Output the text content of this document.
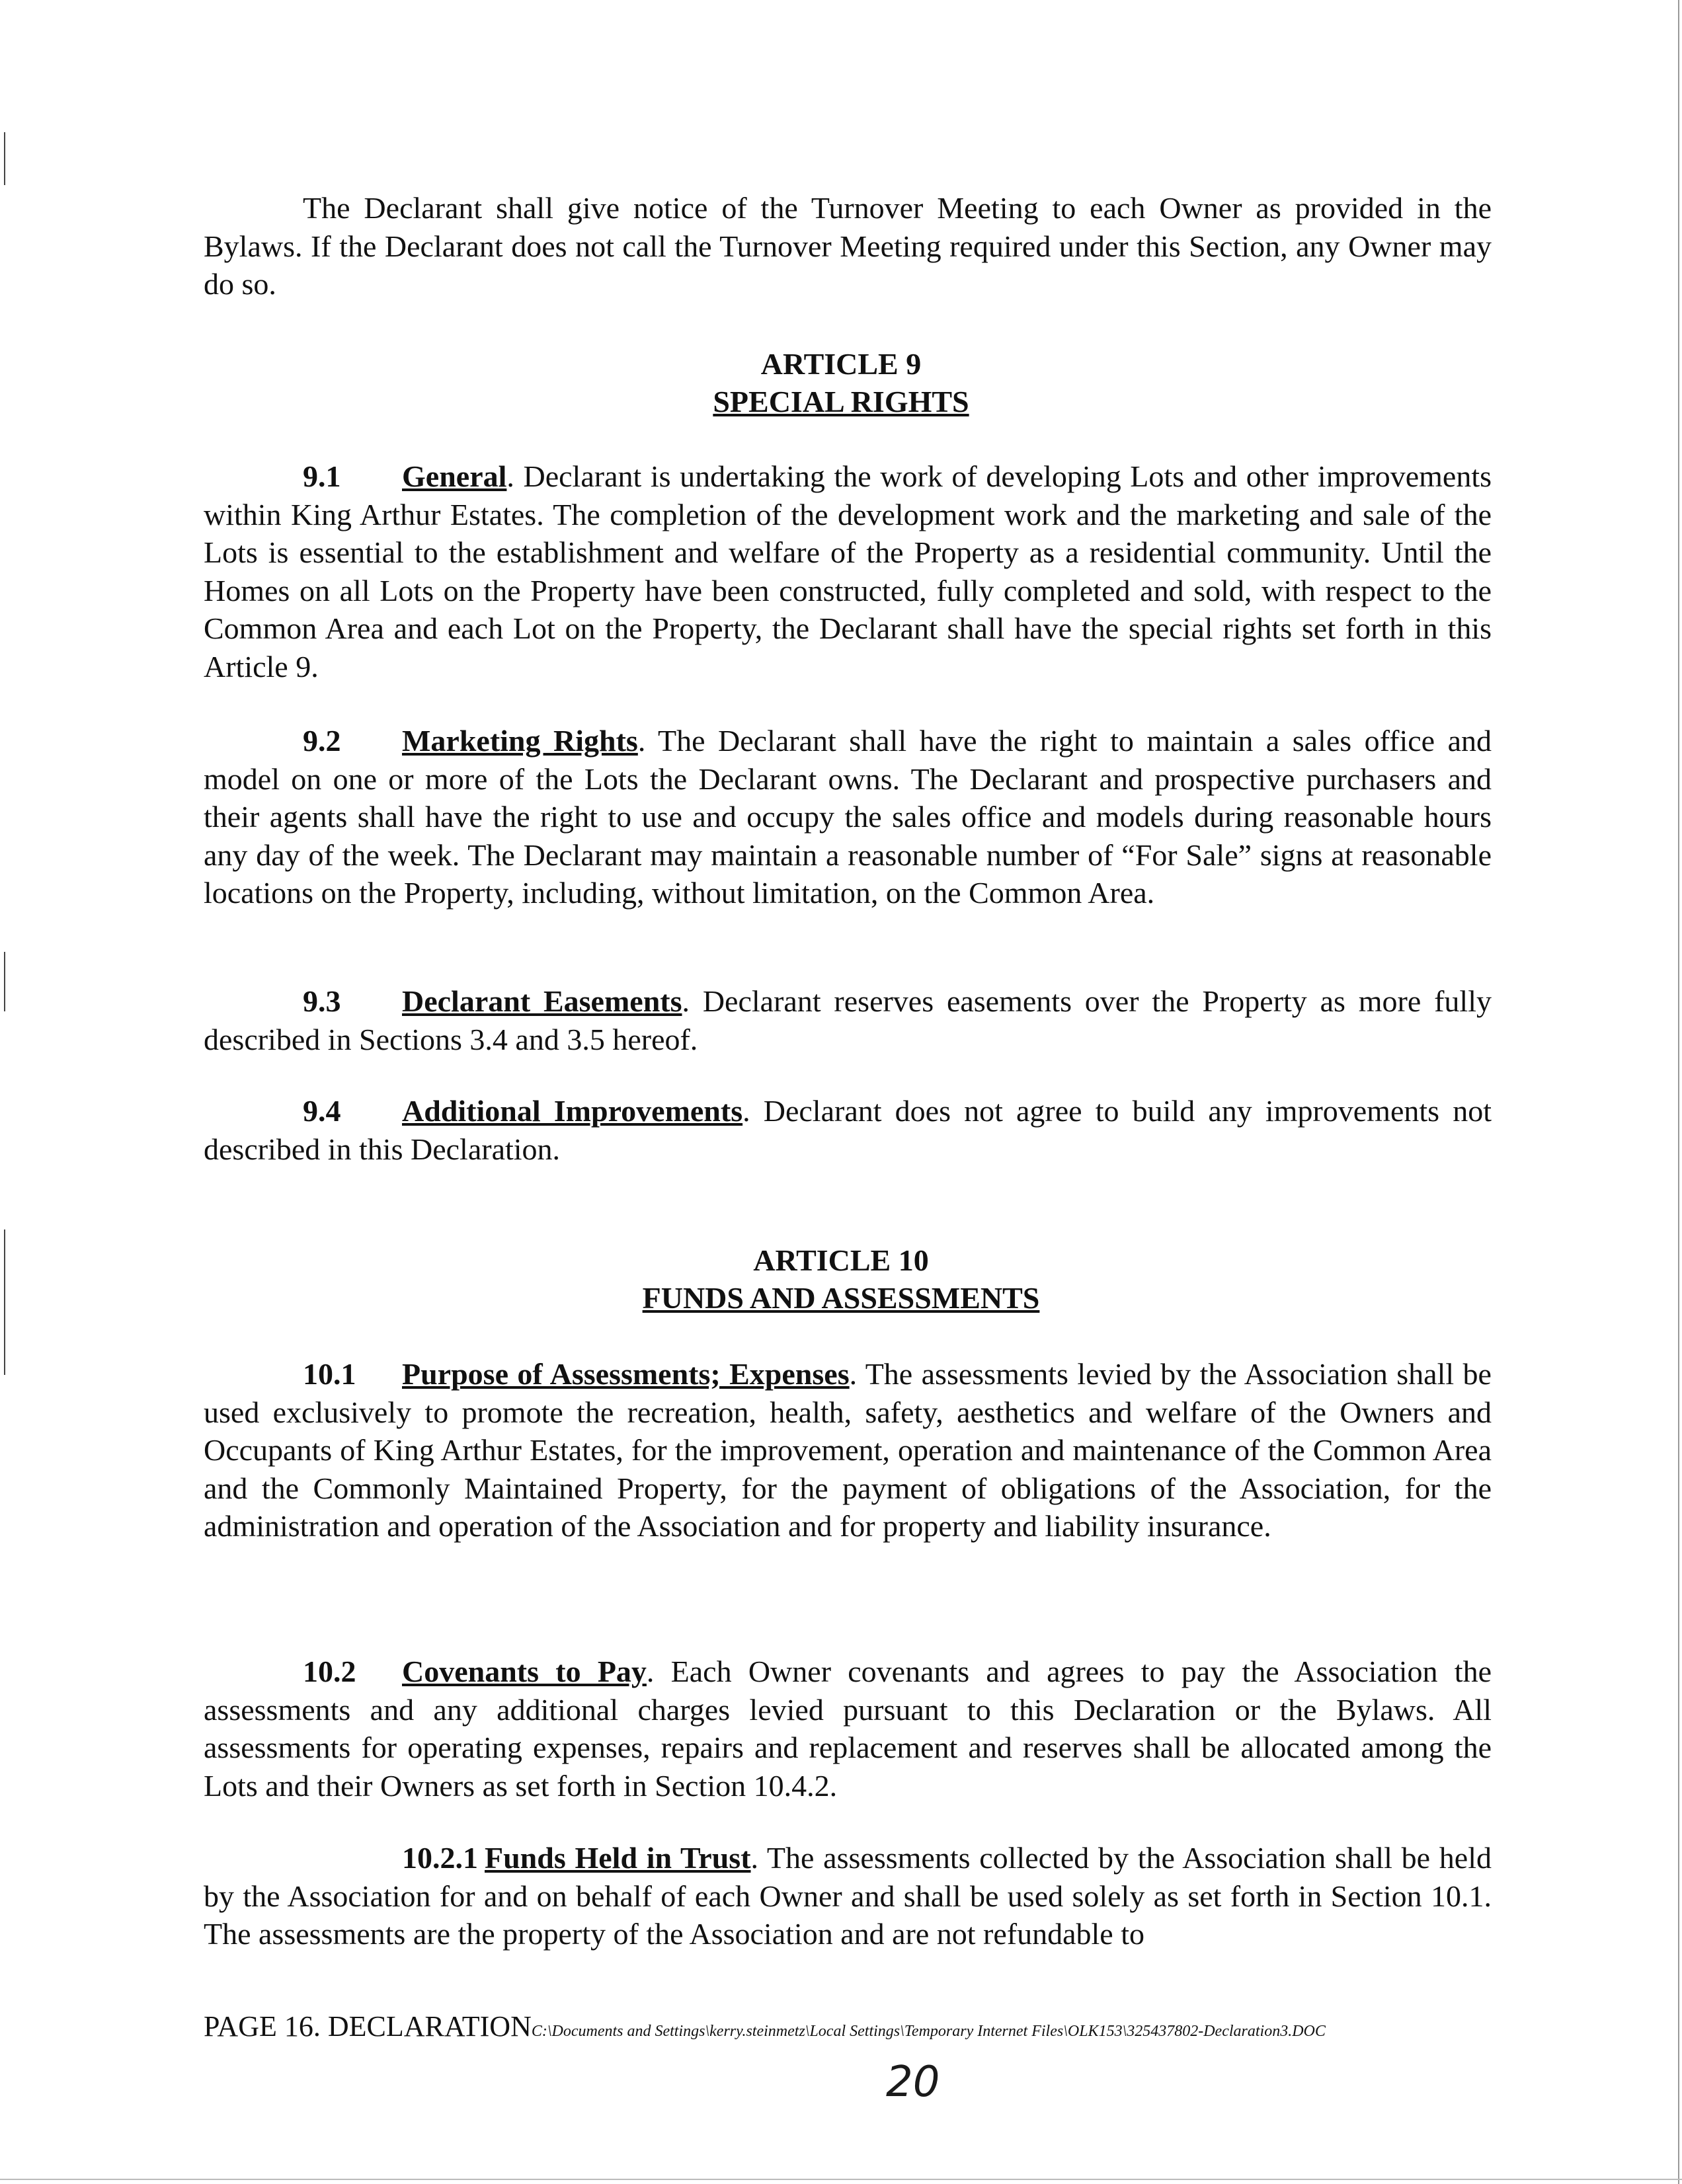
The Declarant shall give notice of the Turnover Meeting to each Owner as provided in the Bylaws. If the Declarant does not call the Turnover Meeting required under this Section, any Owner may do so.

ARTICLE 9
SPECIAL RIGHTS

9.1 General. Declarant is undertaking the work of developing Lots and other improvements within King Arthur Estates. The completion of the development work and the marketing and sale of the Lots is essential to the establishment and welfare of the Property as a residential community. Until the Homes on all Lots on the Property have been constructed, fully completed and sold, with respect to the Common Area and each Lot on the Property, the Declarant shall have the special rights set forth in this Article 9.

9.2 Marketing Rights. The Declarant shall have the right to maintain a sales office and model on one or more of the Lots the Declarant owns. The Declarant and prospective purchasers and their agents shall have the right to use and occupy the sales office and models during reasonable hours any day of the week. The Declarant may maintain a reasonable number of “For Sale” signs at reasonable locations on the Property, including, without limitation, on the Common Area.

9.3 Declarant Easements. Declarant reserves easements over the Property as more fully described in Sections 3.4 and 3.5 hereof.

9.4 Additional Improvements. Declarant does not agree to build any improvements not described in this Declaration.

ARTICLE 10
FUNDS AND ASSESSMENTS

10.1 Purpose of Assessments; Expenses. The assessments levied by the Association shall be used exclusively to promote the recreation, health, safety, aesthetics and welfare of the Owners and Occupants of King Arthur Estates, for the improvement, operation and maintenance of the Common Area and the Commonly Maintained Property, for the payment of obligations of the Association, for the administration and operation of the Association and for property and liability insurance.

10.2 Covenants to Pay. Each Owner covenants and agrees to pay the Association the assessments and any additional charges levied pursuant to this Declaration or the Bylaws. All assessments for operating expenses, repairs and replacement and reserves shall be allocated among the Lots and their Owners as set forth in Section 10.4.2.

10.2.1 Funds Held in Trust. The assessments collected by the Association shall be held by the Association for and on behalf of each Owner and shall be used solely as set forth in Section 10.1. The assessments are the property of the Association and are not refundable to

PAGE 16. DECLARATIONC:\Documents and Settings\kerry.steinmetz\Local Settings\Temporary Internet Files\OLK153\325437802-Declaration3.DOC
20
